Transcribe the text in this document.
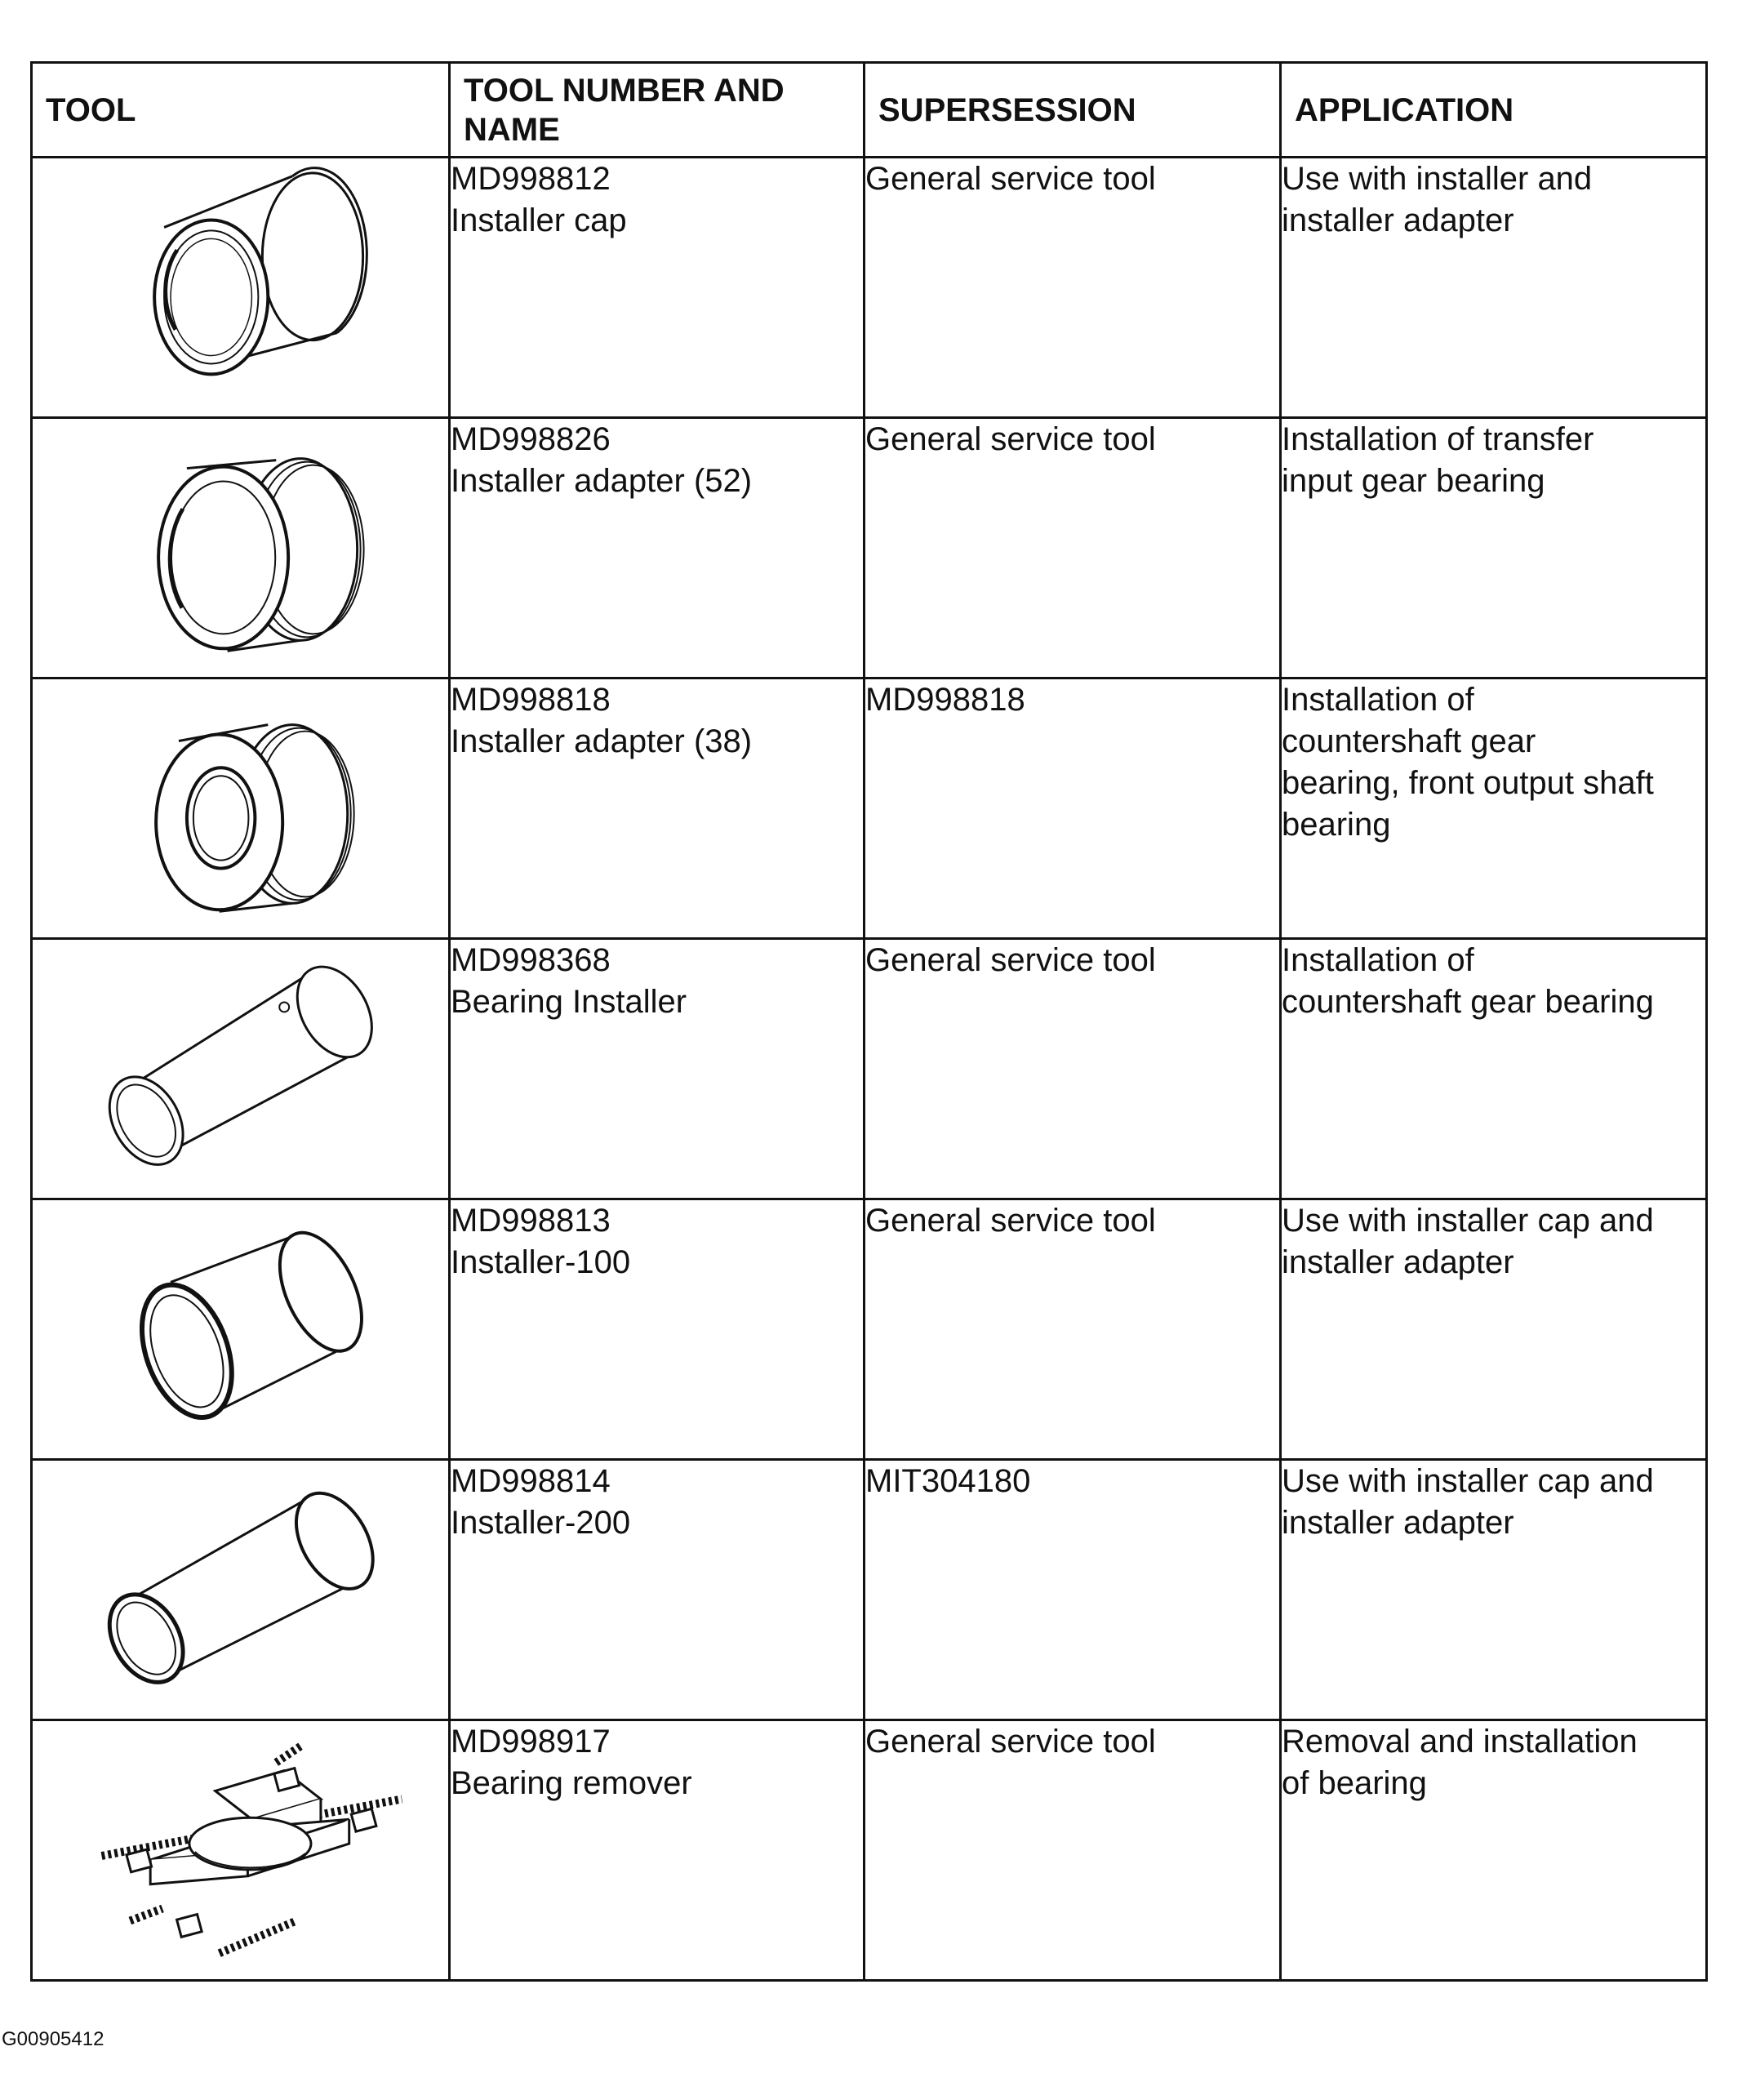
TOOL	TOOL NUMBER AND NAME	SUPERSESSION	APPLICATION

MD998812
Installer cap	General service tool	Use with installer and
installer adapter

MD998826
Installer adapter (52)	General service tool	Installation of transfer
input gear bearing

MD998818
Installer adapter (38)	MD998818	Installation of
countershaft gear
bearing, front output shaft
bearing

MD998368
Bearing Installer	General service tool	Installation of
countershaft gear bearing

MD998813
Installer-100	General service tool	Use with installer cap and
installer adapter

MD998814
Installer-200	MIT304180	Use with installer cap and
installer adapter

MD998917
Bearing remover	General service tool	Removal and installation
of bearing
G00905412
